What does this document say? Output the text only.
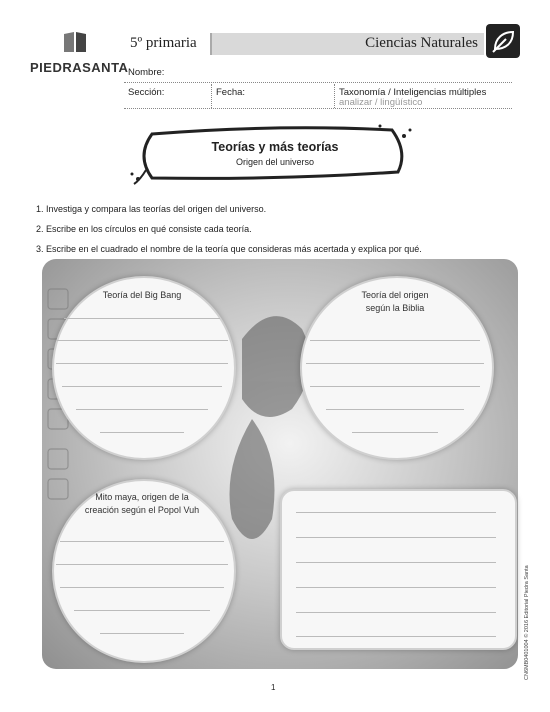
PIEDRASANTA
5º primaria	Ciencias Naturales
Nombre:
Sección:	Fecha:	Taxonomía / Inteligencias múltiples
analizar / lingüístico
Teorías y más teorías
Origen del universo
1. Investiga y compara las teorías del origen del universo.
2. Escribe en los círculos en qué consiste cada teoría.
3. Escribe en el cuadrado el nombre de la teoría que consideras más acertada y explica por qué.
Teoría del Big Bang	Teoría del origen
según la Biblia
Mito maya, origen de la
creación según el Popol Vuh
1
CN6MB0401004 © 2016 Editorial Piedra Santa
